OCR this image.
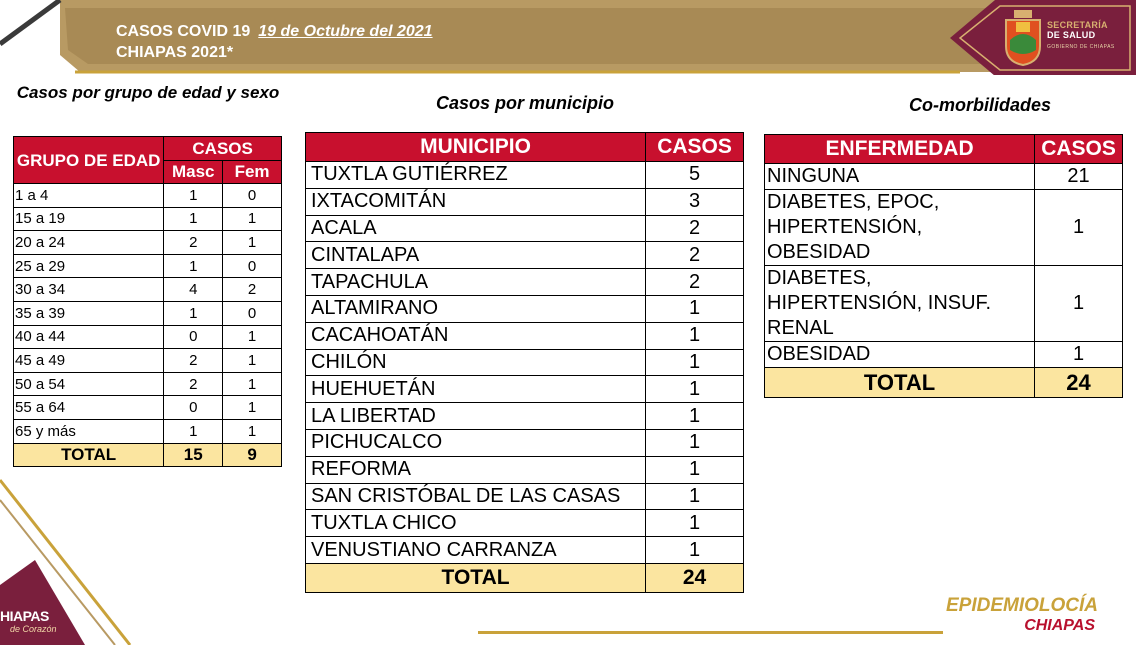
CASOS COVID 19 19 de Octubre del 2021
CHIAPAS 2021*
SECRETARÍA
DE SALUD
GOBIERNO DE CHIAPAS
HIAPAS
de Corazón
Casos por grupo de edad y sexo
Casos por municipio	Co-morbilidades
GRUPO DE EDAD	CASOS	
	Masc	Fem
1 a 4	1	0
15 a 19	1	1
20 a 24	2	1
25 a 29	1	0
30 a 34	4	2
35 a 39	1	0
40 a 44	0	1
45 a 49	2	1
50 a 54	2	1
55 a 64	0	1
65 y más	1	1
TOTAL	15	9
MUNICIPIO	CASOS
TUXTLA GUTIÉRREZ	5
IXTACOMITÁN	3
ACALA	2
CINTALAPA	2
TAPACHULA	2
ALTAMIRANO	1
CACAHOATÁN	1
CHILÓN	1
HUEHUETÁN	1
LA LIBERTAD	1
PICHUCALCO	1
REFORMA	1
SAN CRISTÓBAL DE LAS CASAS	1
TUXTLA CHICO	1
VENUSTIANO CARRANZA	1
TOTAL	24
ENFERMEDAD	CASOS

NINGUNA	21

DIABETES, EPOC,
HIPERTENSIÓN,
OBESIDAD	1

DIABETES,
HIPERTENSIÓN, INSUF.
RENAL	1

OBESIDAD	1
TOTAL	24
EPIDEMIOLOCÍA
CHIAPAS
